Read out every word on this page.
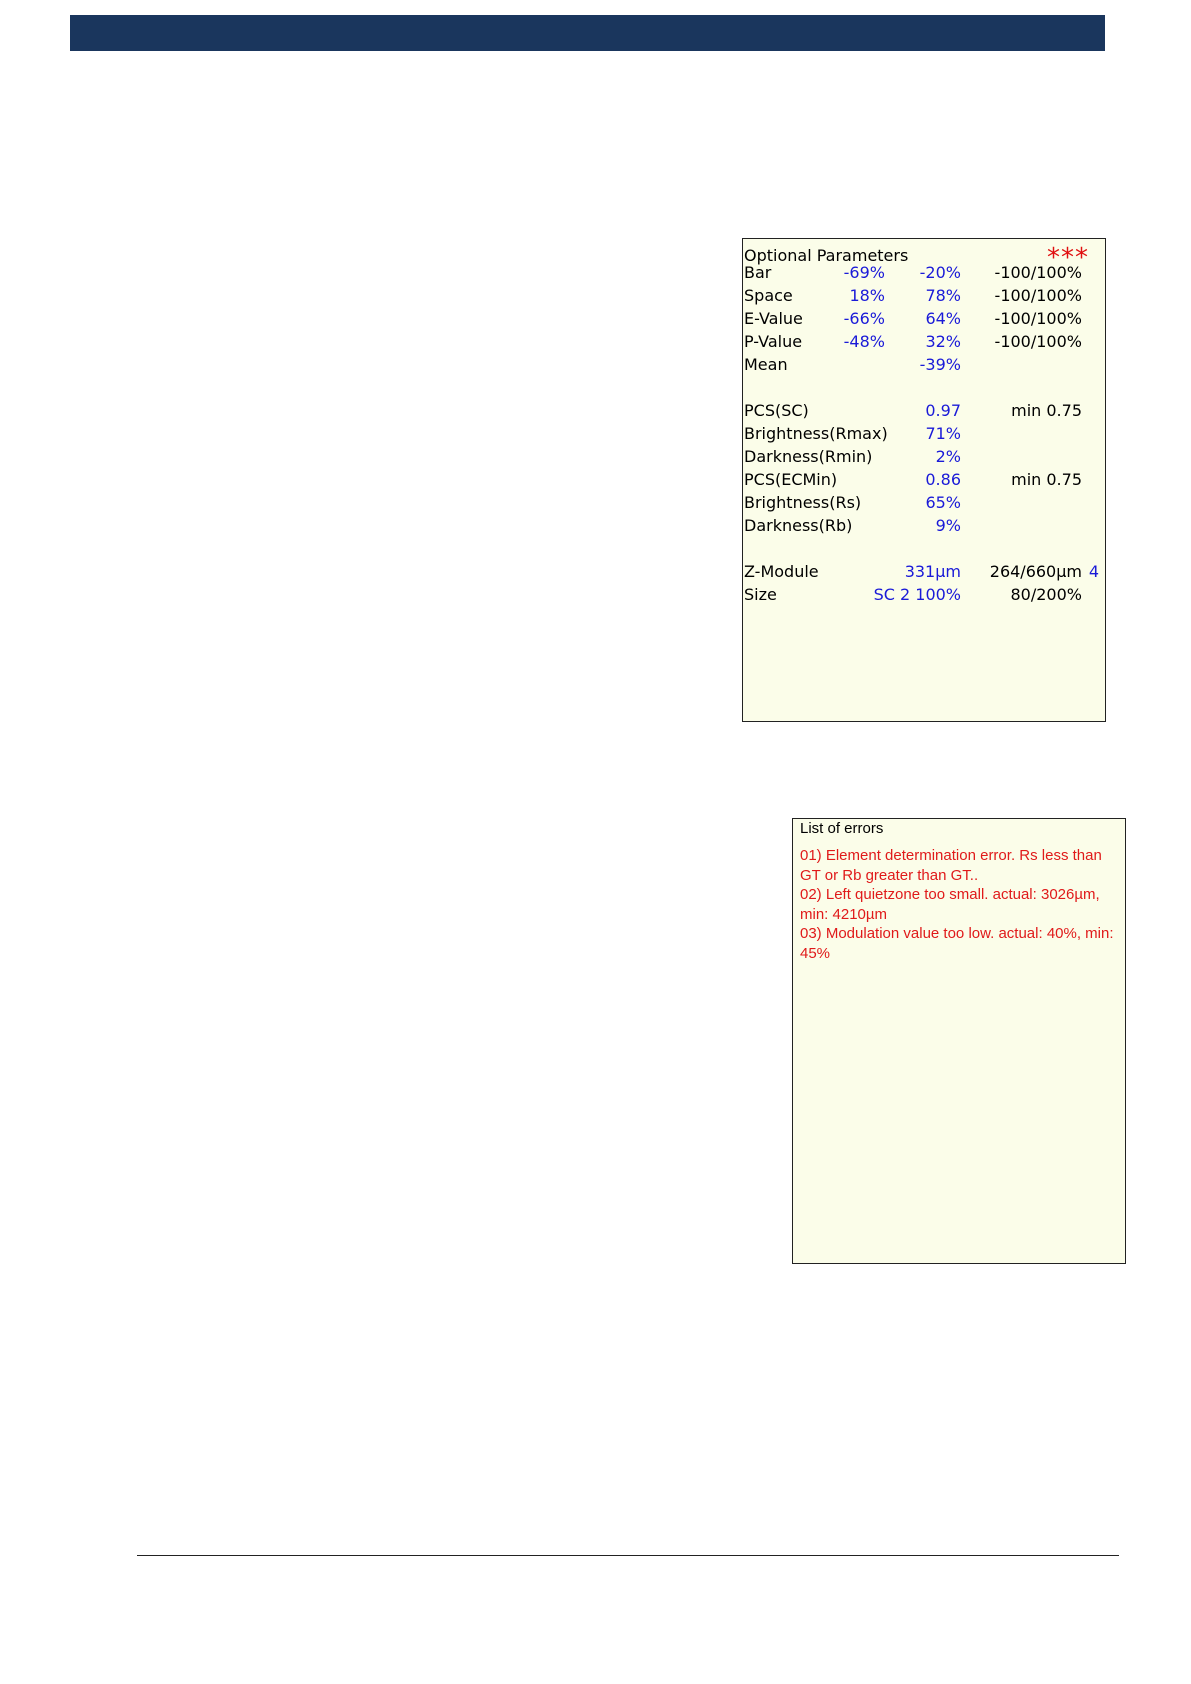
Optional Parameters	***
Bar	-69% -20% -100/100%
Space	18%	78% -100/100%
E-Value	-66%	64% -100/100%
P-Value	-48%	32% -100/100%
Mean	-39%
PCS(SC)	0.97	min 0.75
Brightness(Rmax) 71%
Darkness(Rmin)	2%
PCS(ECMin)	0.86	min 0.75
Brightness(Rs)	65%
Darkness(Rb)	9%
Z-Module	331µm 264/660µm 4
Size	SC 2 100%	80/200%
List of errors
01) Element determination error. Rs less than GT or Rb greater than GT..
02) Left quietzone too small. actual: 3026µm, min: 4210µm
03) Modulation value too low. actual: 40%, min: 45%
